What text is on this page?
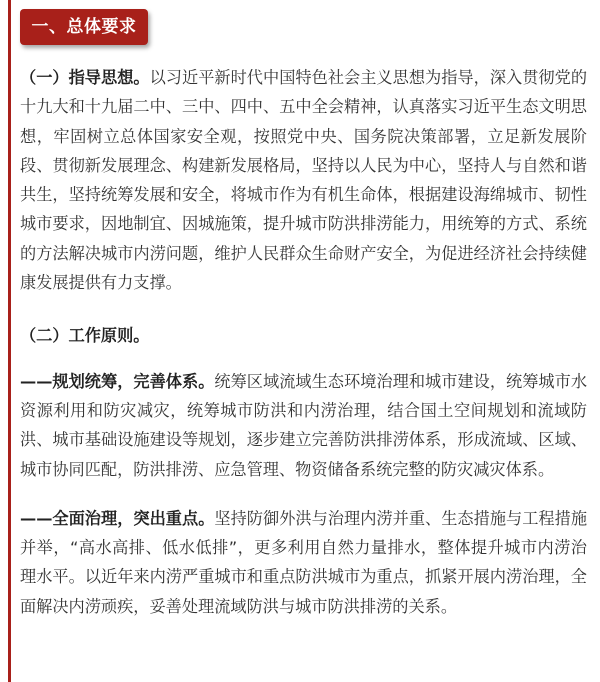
一、总体要求

（一）指导思想。以习近平新时代中国特色社会主义思想为指导，深入贯彻党的十九大和十九届二中、三中、四中、五中全会精神，认真落实习近平生态文明思想，牢固树立总体国家安全观，按照党中央、国务院决策部署，立足新发展阶段、贯彻新发展理念、构建新发展格局，坚持以人民为中心，坚持人与自然和谐共生，坚持统筹发展和安全，将城市作为有机生命体，根据建设海绵城市、韧性城市要求，因地制宜、因城施策，提升城市防洪排涝能力，用统筹的方式、系统的方法解决城市内涝问题，维护人民群众生命财产安全，为促进经济社会持续健康发展提供有力支撑。

（二）工作原则。

——规划统筹，完善体系。统筹区域流域生态环境治理和城市建设，统筹城市水资源利用和防灾减灾，统筹城市防洪和内涝治理，结合国土空间规划和流域防洪、城市基础设施建设等规划，逐步建立完善防洪排涝体系，形成流域、区域、城市协同匹配，防洪排涝、应急管理、物资储备系统完整的防灾减灾体系。

——全面治理，突出重点。坚持防御外洪与治理内涝并重、生态措施与工程措施并举，“高水高排、低水低排”，更多利用自然力量排水，整体提升城市内涝治理水平。以近年来内涝严重城市和重点防洪城市为重点，抓紧开展内涝治理，全面解决内涝顽疾，妥善处理流域防洪与城市防洪排涝的关系。
